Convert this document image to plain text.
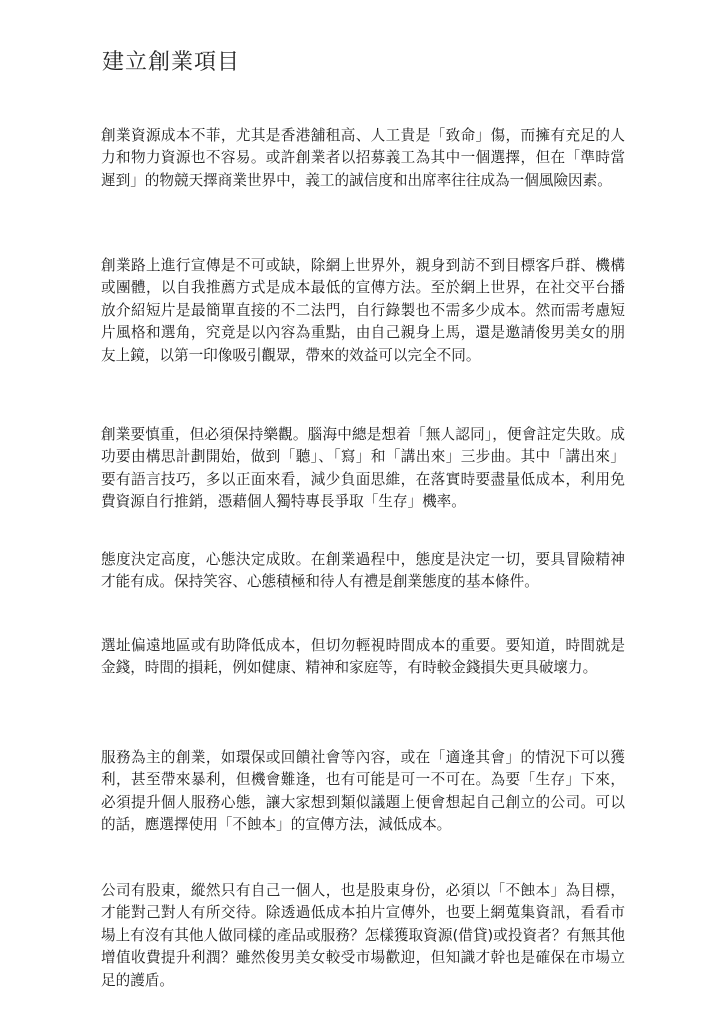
建立創業項目

創業資源成本不菲，尤其是香港舖租高、人工貴是「致命」傷，而擁有充足的人力和物力資源也不容易。或許創業者以招募義工為其中一個選擇，但在「準時當遲到」的物競天擇商業世界中，義工的誠信度和出席率往往成為一個風險因素。

創業路上進行宣傳是不可或缺，除網上世界外，親身到訪不到目標客戶群、機構或團體，以自我推薦方式是成本最低的宣傳方法。至於網上世界，在社交平台播放介紹短片是最簡單直接的不二法門，自行錄製也不需多少成本。然而需考慮短片風格和選角，究竟是以內容為重點，由自己親身上馬，還是邀請俊男美女的朋友上鏡，以第一印像吸引觀眾，帶來的效益可以完全不同。

創業要慎重，但必須保持樂觀。腦海中總是想着「無人認同」，便會註定失敗。成功要由構思計劃開始，做到「聽」、「寫」和「講出來」三步曲。其中「講出來」要有語言技巧，多以正面來看，減少負面思維，在落實時要盡量低成本，利用免費資源自行推銷，憑藉個人獨特專長爭取「生存」機率。

態度決定高度，心態決定成敗。在創業過程中，態度是決定一切，要具冒險精神才能有成。保持笑容、心態積極和待人有禮是創業態度的基本條件。

選址偏遠地區或有助降低成本，但切勿輕視時間成本的重要。要知道，時間就是金錢，時間的損耗，例如健康、精神和家庭等，有時較金錢損失更具破壞力。

服務為主的創業，如環保或回饋社會等內容，或在「適逢其會」的情況下可以獲利，甚至帶來暴利，但機會難逢，也有可能是可一不可在。為要「生存」下來，必須提升個人服務心態，讓大家想到類似議題上便會想起自己創立的公司。可以的話，應選擇使用「不蝕本」的宣傳方法，減低成本。

公司有股東，縱然只有自己一個人，也是股東身份，必須以「不蝕本」為目標，才能對己對人有所交待。除透過低成本拍片宣傳外，也要上網蒐集資訊，看看市場上有沒有其他人做同樣的產品或服務？怎樣獲取資源(借貸)或投資者？有無其他增值收費提升利潤？雖然俊男美女較受市場歡迎，但知識才幹也是確保在市場立足的護盾。
